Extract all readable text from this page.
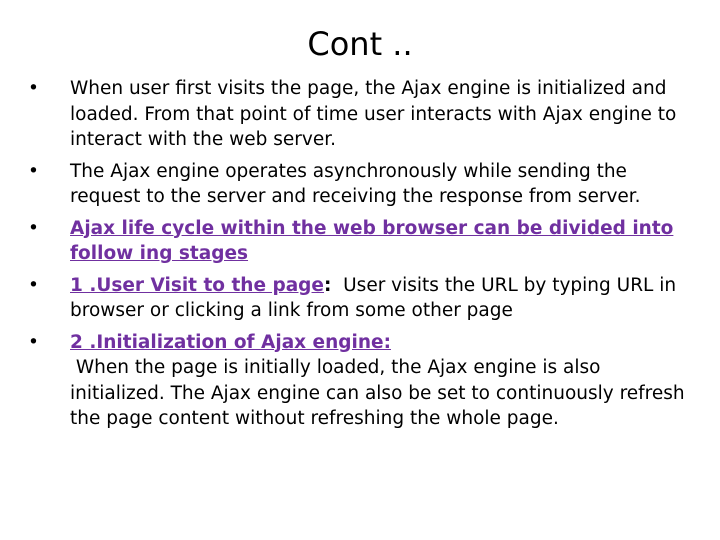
Cont ..
•	When user first visits the page, the Ajax engine is initialized and loaded. From that point of time user interacts with Ajax engine to interact with the web server.
•	The Ajax engine operates asynchronously while sending the request to the server and receiving the response from server.
•	Ajax life cycle within the web browser can be divided into follow ing stages
•	1 .User Visit to the page:  User visits the URL by typing URL in browser or clicking a link from some other page
•	2 .Initialization of Ajax engine:
When the page is initially loaded, the Ajax engine is also initialized. The Ajax engine can also be set to continuously refresh the page content without refreshing the whole page.
